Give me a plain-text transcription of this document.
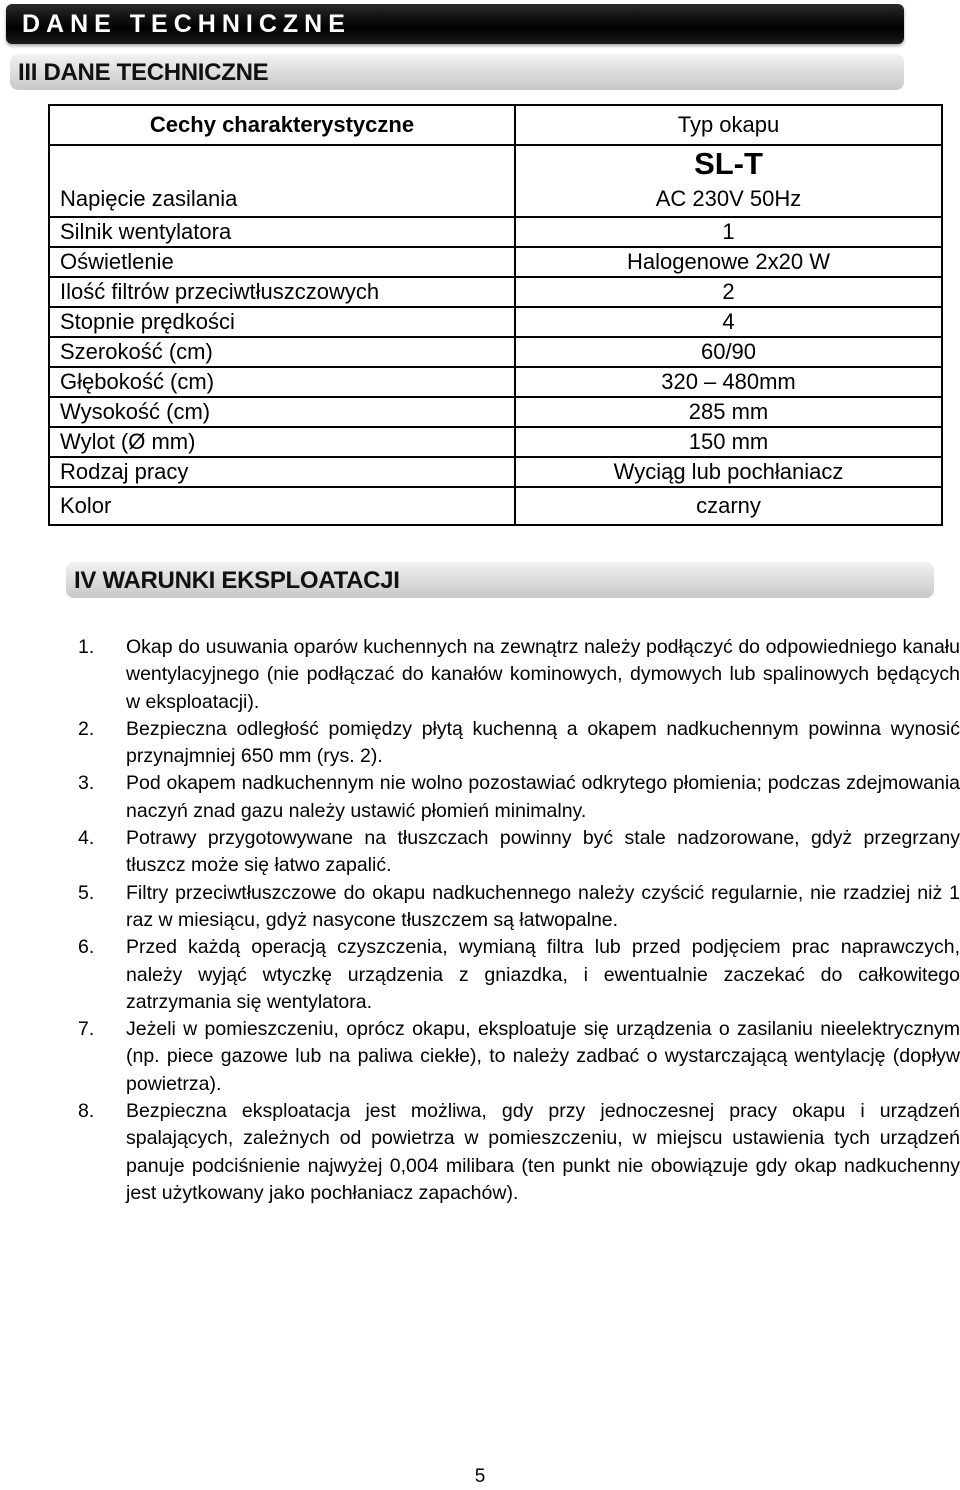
DANE TECHNICZNE
III DANE TECHNICZNE
Cechy charakterystyczne	Typ okapu
	SL-T
Napięcie zasilania	AC 230V 50Hz
Silnik wentylatora	1
Oświetlenie	Halogenowe 2x20 W
Ilość filtrów przeciwtłuszczowych	2
Stopnie prędkości	4
Szerokość (cm)	60/90
Głębokość (cm)	320 – 480mm
Wysokość (cm)	285 mm
Wylot (Ø mm)	150 mm
Rodzaj pracy	Wyciąg lub pochłaniacz
Kolor	czarny
IV WARUNKI EKSPLOATACJI
1. Okap do usuwania oparów kuchennych na zewnątrz należy podłączyć do odpowiedniego kanału wentylacyjnego (nie podłączać do kanałów kominowych, dymowych lub spalinowych będących w eksploatacji).
2. Bezpieczna odległość pomiędzy płytą kuchenną a okapem nadkuchennym powinna wynosić przynajmniej 650 mm (rys. 2).
3. Pod okapem nadkuchennym nie wolno pozostawiać odkrytego płomienia; podczas zdejmowania naczyń znad gazu należy ustawić płomień minimalny.
4. Potrawy przygotowywane na tłuszczach powinny być stale nadzorowane, gdyż przegrzany tłuszcz może się łatwo zapalić.
5. Filtry przeciwtłuszczowe do okapu nadkuchennego należy czyścić regularnie, nie rzadziej niż 1 raz w miesiącu, gdyż nasycone tłuszczem są łatwopalne.
6. Przed każdą operacją czyszczenia, wymianą filtra lub przed podjęciem prac naprawczych, należy wyjąć wtyczkę urządzenia z gniazdka, i ewentualnie zaczekać do całkowitego zatrzymania się wentylatora.
7. Jeżeli w pomieszczeniu, oprócz okapu, eksploatuje się urządzenia o zasilaniu nieelektrycznym (np. piece gazowe lub na paliwa ciekłe), to należy zadbać o wystarczającą wentylację (dopływ powietrza).
8. Bezpieczna eksploatacja jest możliwa, gdy przy jednoczesnej pracy okapu i urządzeń spalających, zależnych od powietrza w pomieszczeniu, w miejscu ustawienia tych urządzeń panuje podciśnienie najwyżej 0,004 milibara (ten punkt nie obowiązuje gdy okap nadkuchenny jest użytkowany jako pochłaniacz zapachów).
5
